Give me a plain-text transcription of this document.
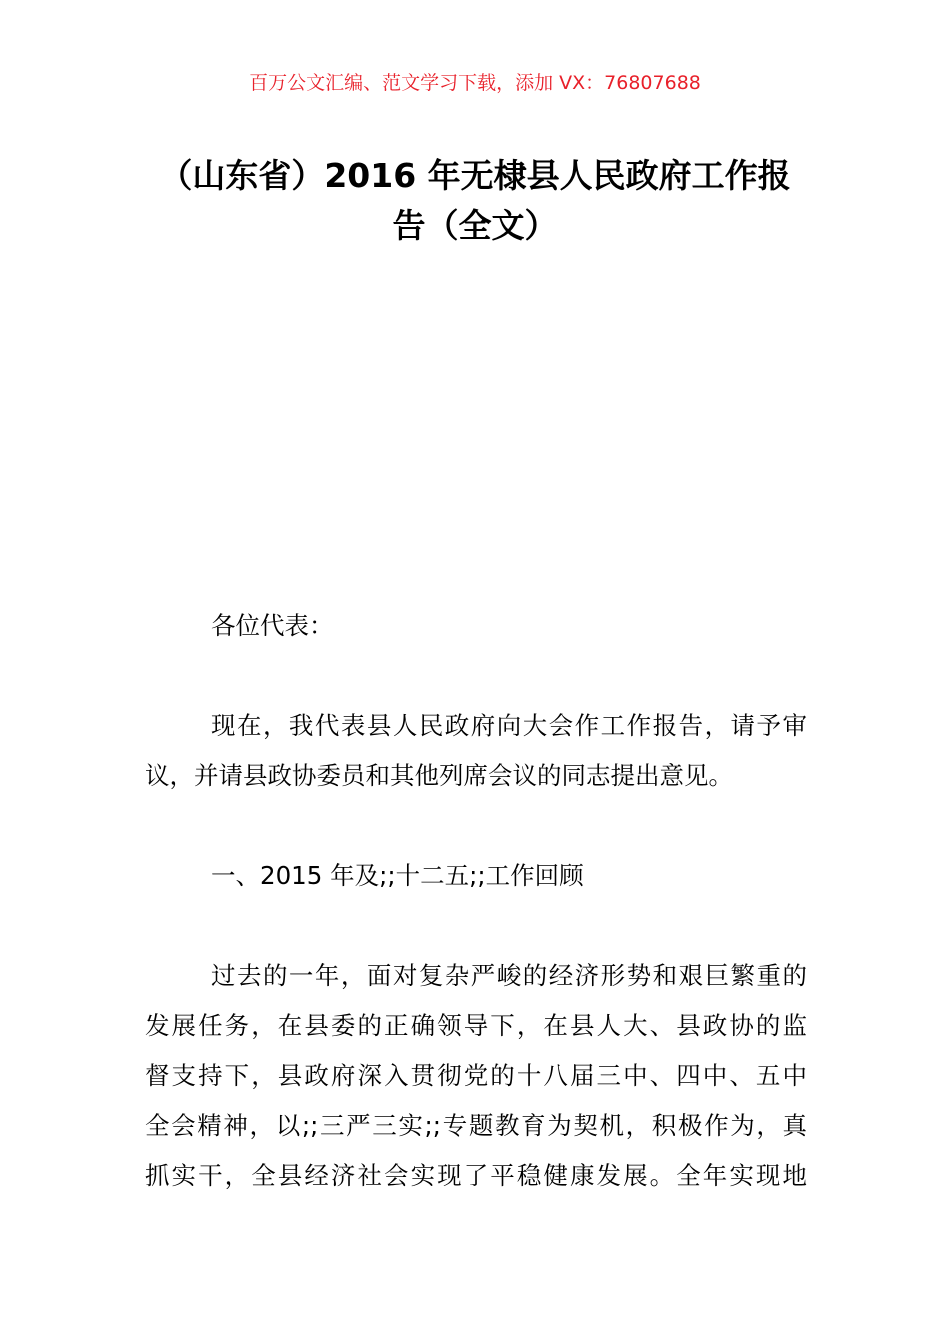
百万公文汇编、范文学习下载，添加 VX：76807688
（山东省）2016 年无棣县人民政府工作报
告（全文）
各位代表：
现在，我代表县人民政府向大会作工作报告，请予审
议，并请县政协委员和其他列席会议的同志提出意见。
一、2015 年及;;十二五;;工作回顾
过去的一年，面对复杂严峻的经济形势和艰巨繁重的
发展任务，在县委的正确领导下，在县人大、县政协的监
督支持下，县政府深入贯彻党的十八届三中、四中、五中
全会精神，以;;三严三实;;专题教育为契机，积极作为，真
抓实干，全县经济社会实现了平稳健康发展。全年实现地
